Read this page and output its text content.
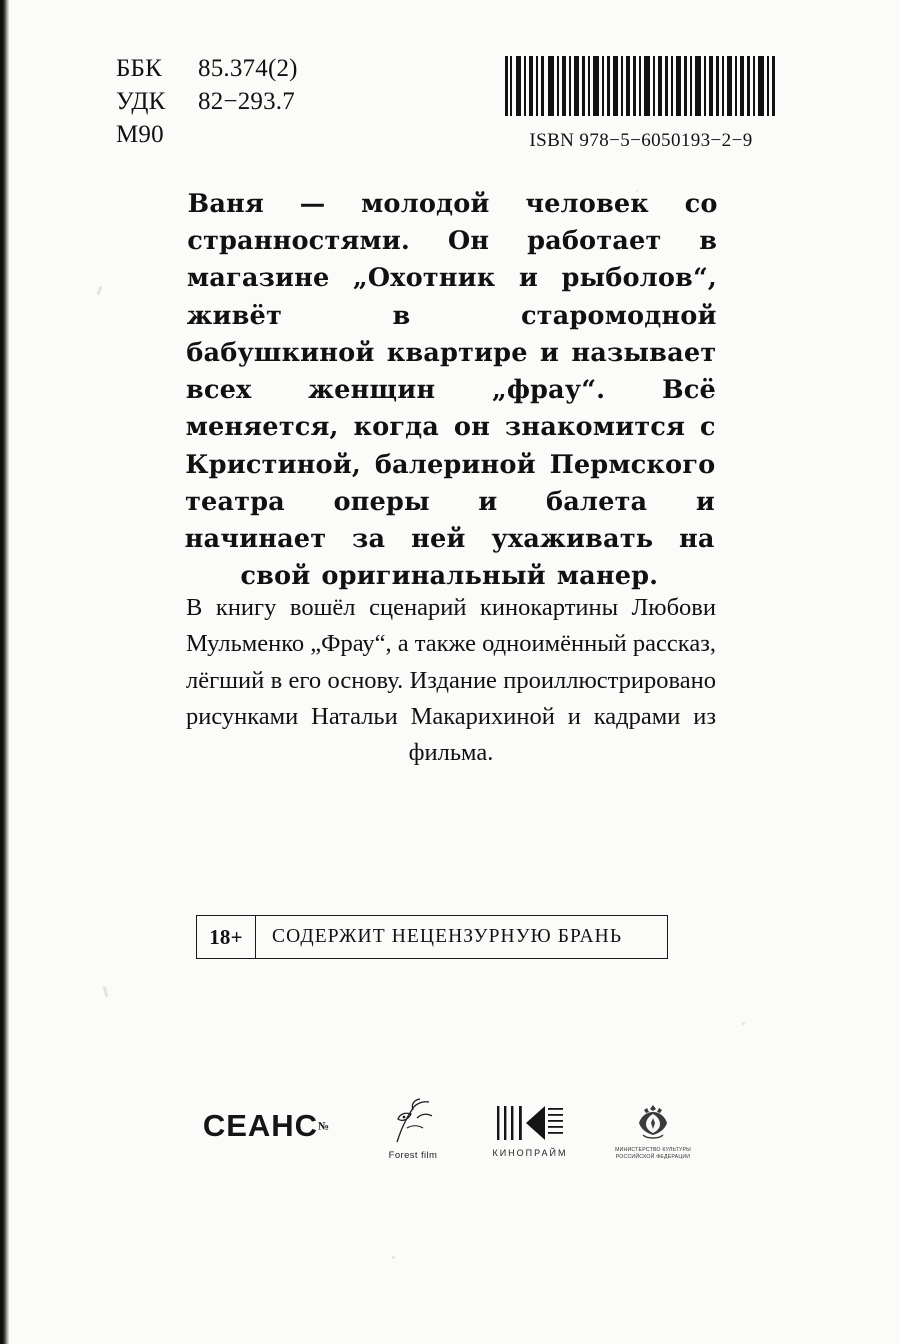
ББК	85.374(2)
УДК	82−293.7
М90	ISBN 978−5−6050193−2−9
Ваня — молодой человек со странностями. Он работает в магазине „Охотник и рыболов“, живёт в старомодной бабушкиной квартире и называет всех женщин „фрау“. Всё меняется, когда он знакомится с Кристиной, балериной Пермского театра оперы и балета и начинает за ней ухаживать на свой оригинальный манер.
В книгу вошёл сценарий кинокартины Любови Мульменко „Фрау“, а также одноимённый рассказ, лёгший в его основу. Издание проиллюстрировано рисунками Натальи Макарихиной и кадрами из фильма.
18+	СОДЕРЖИТ НЕЦЕНЗУРНУЮ БРАНЬ
СЕАНС№
Forest film	КИНОПРАЙМ	МИНИСТЕРСТВО КУЛЬТУРЫ РОССИЙСКОЙ ФЕДЕРАЦИИ
